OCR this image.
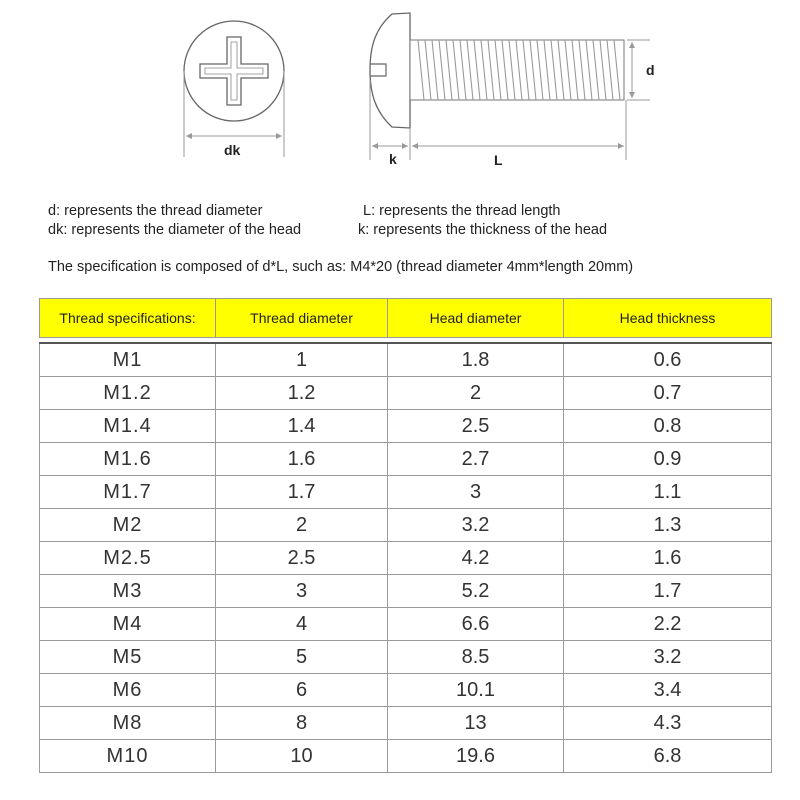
dk
k	L
d
d: represents the thread diameter	L: represents the thread length
dk: represents the diameter of the head	k: represents the thickness of the head
The specification is composed of d*L, such as: M4*20 (thread diameter 4mm*length 20mm)
Thread specifications:	Thread diameter	Head diameter	Head thickness

M1	1	1.8	0.6
M1.2	1.2	2	0.7
M1.4	1.4	2.5	0.8
M1.6	1.6	2.7	0.9
M1.7	1.7	3	1.1
M2	2	3.2	1.3
M2.5	2.5	4.2	1.6
M3	3	5.2	1.7
M4	4	6.6	2.2
M5	5	8.5	3.2
M6	6	10.1	3.4
M8	8	13	4.3
M10	10	19.6	6.8
